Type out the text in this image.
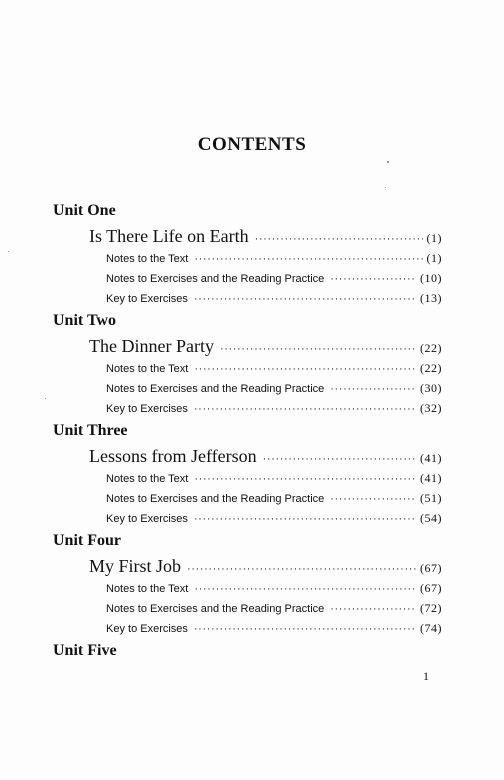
CONTENTS
Unit One
Is There Life on Earth ·····	(1)
Notes to the Text ·····	(1)
Notes to Exercises and the Reading Practice ·····	(10)
Key to Exercises ·····	(13)
Unit Two
The Dinner Party ·····	(22)
Notes to the Text ·····	(22)
Notes to Exercises and the Reading Practice ·····	(30)
Key to Exercises ·····	(32)
Unit Three
Lessons from Jefferson ·····	(41)
Notes to the Text ·····	(41)
Notes to Exercises and the Reading Practice ·····	(51)
Key to Exercises ·····	(54)
Unit Four
My First Job ·····	(67)
Notes to the Text ·····	(67)
Notes to Exercises and the Reading Practice ·····	(72)
Key to Exercises ·····	(74)
Unit Five
1
